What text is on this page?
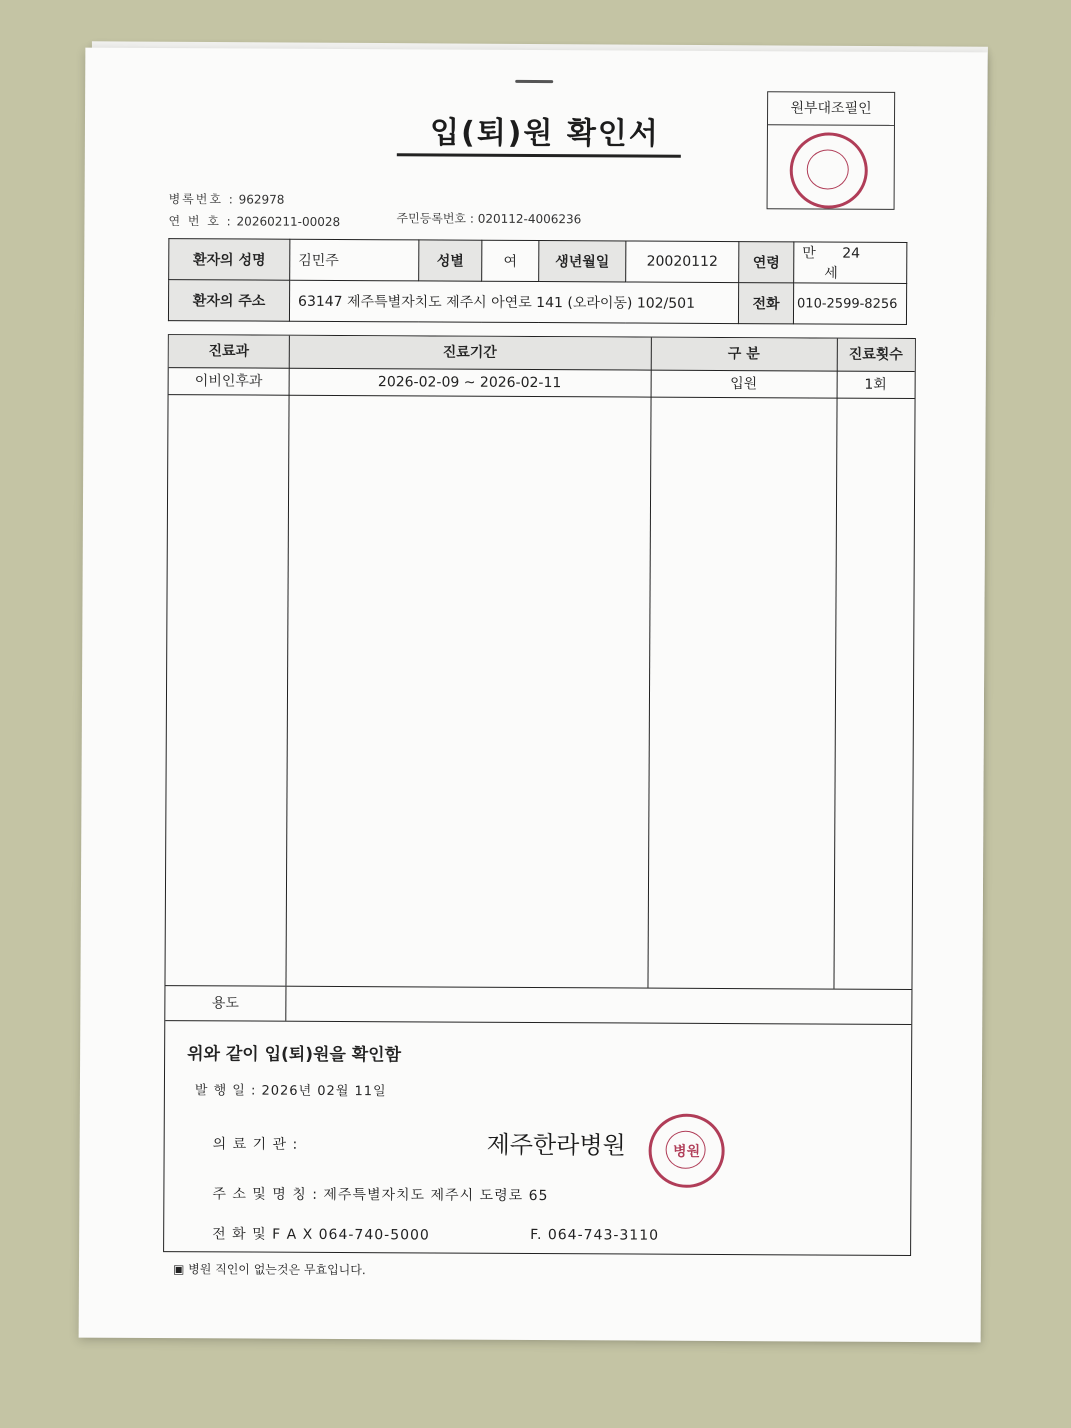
입(퇴)원 확인서
원부대조필인
병록번호 : 962978
연 번 호 : 20260211-00028	주민등록번호 : 020112-4006236
환자의 성명	김민주	성별	여	생년월일	20020112	연령	만 24 세
환자의 주소	63147 제주특별자치도 제주시 아연로 141 (오라이동) 102/501					전화	010-2599-8256
진료과	진료기간	구 분	진료횟수
이비인후과	2026-02-09 ~ 2026-02-11	입원	1회
용도
위와 같이 입(퇴)원을 확인함
발 행 일 : 2026년 02월 11일
의 료 기 관 :	제주한라병원	병원
주 소 및 명 칭 : 제주특별자치도 제주시 도령로 65
전 화 및 F A X 064-740-5000	F. 064-743-3110
▣ 병원 직인이 없는것은 무효입니다.
